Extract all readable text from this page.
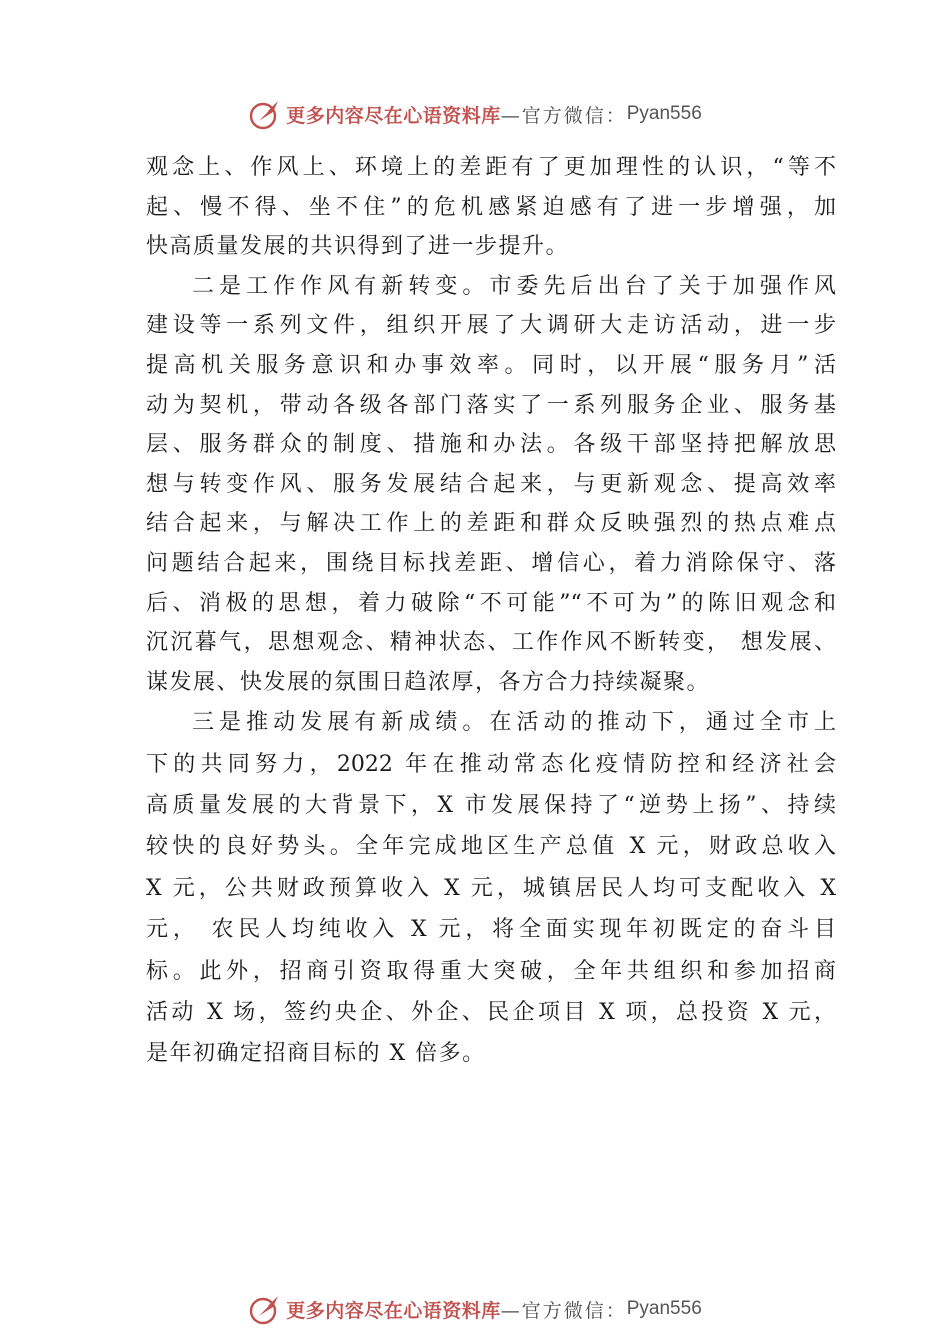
更多内容尽在心语资料库 —官方微信： Pyan556
观念上、作风上、环境上的差距有了更加理性的认识，“等不
起、慢不得、坐不住”的危机感紧迫感有了进一步增强，加
快高质量发展的共识得到了进一步提升。
二是工作作风有新转变。市委先后出台了关于加强作风
建设等一系列文件，组织开展了大调研大走访活动，进一步
提高机关服务意识和办事效率。同时，以开展“服务月”活
动为契机，带动各级各部门落实了一系列服务企业、服务基
层、服务群众的制度、措施和办法。各级干部坚持把解放思
想与转变作风、服务发展结合起来，与更新观念、提高效率
结合起来，与解决工作上的差距和群众反映强烈的热点难点
问题结合起来，围绕目标找差距、增信心，着力消除保守、落
后、消极的思想，着力破除“不可能”“不可为”的陈旧观念和
沉沉暮气，思想观念、精神状态、工作作风不断转变， 想发展、
谋发展、快发展的氛围日趋浓厚，各方合力持续凝聚。
三是推动发展有新成绩。在活动的推动下，通过全市上
下的共同努力，2022 年在推动常态化疫情防控和经济社会
高质量发展的大背景下，X 市发展保持了“逆势上扬”、持续
较快的良好势头。全年完成地区生产总值 X 元，财政总收入
X 元，公共财政预算收入 X 元，城镇居民人均可支配收入 X
元， 农民人均纯收入 X 元，将全面实现年初既定的奋斗目
标。此外，招商引资取得重大突破，全年共组织和参加招商
活动 X 场，签约央企、外企、民企项目 X 项，总投资 X 元，
是年初确定招商目标的 X 倍多。
更多内容尽在心语资料库 —官方微信： Pyan556
